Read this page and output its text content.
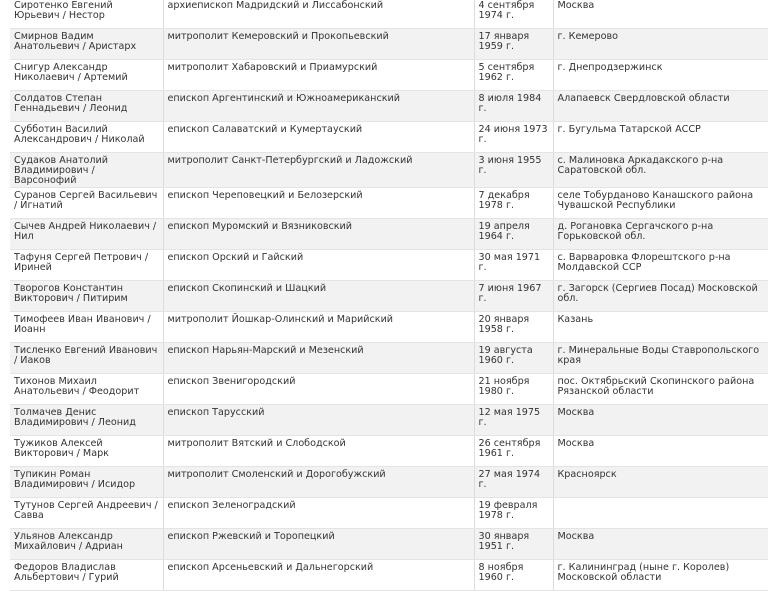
Сиротенко Евгений Юрьевич / Нестор	архиепископ Мадридский и Лиссабонский	4 сентября 1974 г.	Москва
Смирнов Вадим Анатольевич / Аристарх	митрополит Кемеровский и Прокопьевский	17 января 1959 г.	г. Кемерово
Снигур Александр Николаевич / Артемий	митрополит Хабаровский и Приамурский	5 сентября 1962 г.	г. Днепродзержинск
Солдатов Степан Геннадьевич / Леонид	епископ Аргентинский и Южноамериканский	8 июля 1984 г.	Алапаевск Свердловской области
Субботин Василий Александрович / Николай	епископ Салаватский и Кумертауский	24 июня 1973 г.	г. Бугульма Татарской АССР
Судаков Анатолий Владимирович / Варсонофий	митрополит Санкт-Петербургский и Ладожский	3 июня 1955 г.	с. Малиновка Аркадакского р-на Саратовской обл.
Суранов Сергей Васильевич / Игнатий	епископ Череповецкий и Белозерский	7 декабря 1978 г.	селе Тобурданово Канашского района Чувашской Республики
Сычев Андрей Николаевич / Нил	епископ Муромский и Вязниковский	19 апреля 1964 г.	д. Рогановка Сергачского р-на Горьковской обл.
Тафуня Сергей Петрович / Ириней	епископ Орский и Гайский	30 мая 1971 г.	с. Варваровка Флорештского р-на Молдавской ССР
Творогов Константин Викторович / Питирим	епископ Скопинский и Шацкий	7 июня 1967 г.	г. Загорск (Сергиев Посад) Московской обл.
Тимофеев Иван Иванович / Иоанн	митрополит Йошкар-Олинский и Марийский	20 января 1958 г.	Казань
Тисленко Евгений Иванович / Иаков	епископ Нарьян-Марский и Мезенский	19 августа 1960 г.	г. Минеральные Воды Ставропольского края
Тихонов Михаил Анатольевич / Феодорит	епископ Звенигородский	21 ноября 1980 г.	пос. Октябрьский Скопинского района Рязанской области
Толмачев Денис Владимирович / Леонид	епископ Тарусский	12 мая 1975 г.	Москва
Тужиков Алексей Викторович / Марк	митрополит Вятский и Слободской	26 сентября 1961 г.	Москва
Тупикин Роман Владимирович / Исидор	митрополит Смоленский и Дорогобужский	27 мая 1974 г.	Красноярск
Тутунов Сергей Андреевич / Савва	епископ Зеленоградский	19 февраля 1978 г.	
Ульянов Александр Михайлович / Адриан	епископ Ржевский и Торопецкий	30 января 1951 г.	Москва
Федоров Владислав Альбертович / Гурий	епископ Арсеньевский и Дальнегорский	8 ноября 1960 г.	г. Калининград (ныне г. Королев) Московской области
